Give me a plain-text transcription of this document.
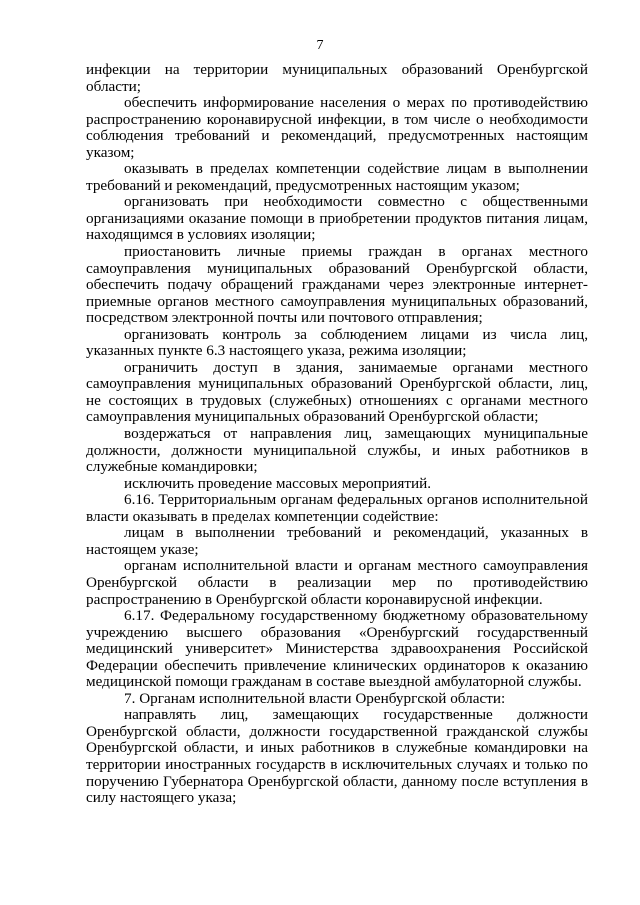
7

инфекции на территории муниципальных образований Оренбургской области;

обеспечить информирование населения о мерах по противодействию распространению коронавирусной инфекции, в том числе о необходимости соблюдения требований и рекомендаций, предусмотренных настоящим указом;

оказывать в пределах компетенции содействие лицам в выполнении требований и рекомендаций, предусмотренных настоящим указом;

организовать при необходимости совместно с общественными организациями оказание помощи в приобретении продуктов питания лицам, находящимся в условиях изоляции;

приостановить личные приемы граждан в органах местного самоуправления муниципальных образований Оренбургской области, обеспечить подачу обращений гражданами через электронные интернет-приемные органов местного самоуправления муниципальных образований, посредством электронной почты или почтового отправления;

организовать контроль за соблюдением лицами из числа лиц, указанных пункте 6.3 настоящего указа, режима изоляции;

ограничить доступ в здания, занимаемые органами местного самоуправления муниципальных образований Оренбургской области, лиц, не состоящих в трудовых (служебных) отношениях с органами местного самоуправления муниципальных образований Оренбургской области;

воздержаться от направления лиц, замещающих муниципальные должности, должности муниципальной службы, и иных работников в служебные командировки;

исключить проведение массовых мероприятий.

6.16. Территориальным органам федеральных органов исполнительной власти оказывать в пределах компетенции содействие:

лицам в выполнении требований и рекомендаций, указанных в настоящем указе;

органам исполнительной власти и органам местного самоуправления Оренбургской области в реализации мер по противодействию распространению в Оренбургской области коронавирусной инфекции.

6.17. Федеральному государственному бюджетному образовательному учреждению высшего образования «Оренбургский государственный медицинский университет» Министерства здравоохранения Российской Федерации обеспечить привлечение клинических ординаторов к оказанию медицинской помощи гражданам в составе выездной амбулаторной службы.

7. Органам исполнительной власти Оренбургской области:

направлять лиц, замещающих государственные должности Оренбургской области, должности государственной гражданской службы Оренбургской области, и иных работников в служебные командировки на территории иностранных государств в исключительных случаях и только по поручению Губернатора Оренбургской области, данному после вступления в силу настоящего указа;
